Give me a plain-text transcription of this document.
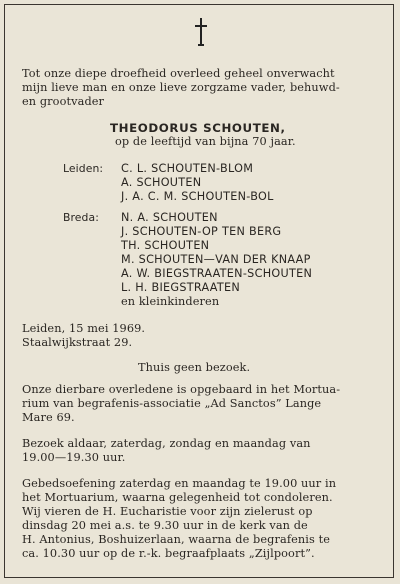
Tot onze diepe droefheid overleed geheel onverwacht
mijn lieve man en onze lieve zorgzame vader, behuwd-
en grootvader
THEODORUS SCHOUTEN,
op de leeftijd van bijna 70 jaar.
Leiden: C. L. SCHOUTEN-BLOM
A. SCHOUTEN
J. A. C. M. SCHOUTEN-BOL
Breda: N. A. SCHOUTEN
J. SCHOUTEN-OP TEN BERG
TH. SCHOUTEN
M. SCHOUTEN—VAN DER KNAAP
A. W. BIEGSTRAATEN-SCHOUTEN
L. H. BIEGSTRAATEN
en kleinkinderen
Leiden, 15 mei 1969.
Staalwijkstraat 29.
Thuis geen bezoek.
Onze dierbare overledene is opgebaard in het Mortua-
rium van begrafenis-associatie „Ad Sanctos” Lange
Mare 69.
Bezoek aldaar, zaterdag, zondag en maandag van
19.00—19.30 uur.
Gebedsoefening zaterdag en maandag te 19.00 uur in
het Mortuarium, waarna gelegenheid tot condoleren.
Wij vieren de H. Eucharistie voor zijn zielerust op
dinsdag 20 mei a.s. te 9.30 uur in de kerk van de
H. Antonius, Boshuizerlaan, waarna de begrafenis te
ca. 10.30 uur op de r.-k. begraafplaats „Zijlpoort”.
